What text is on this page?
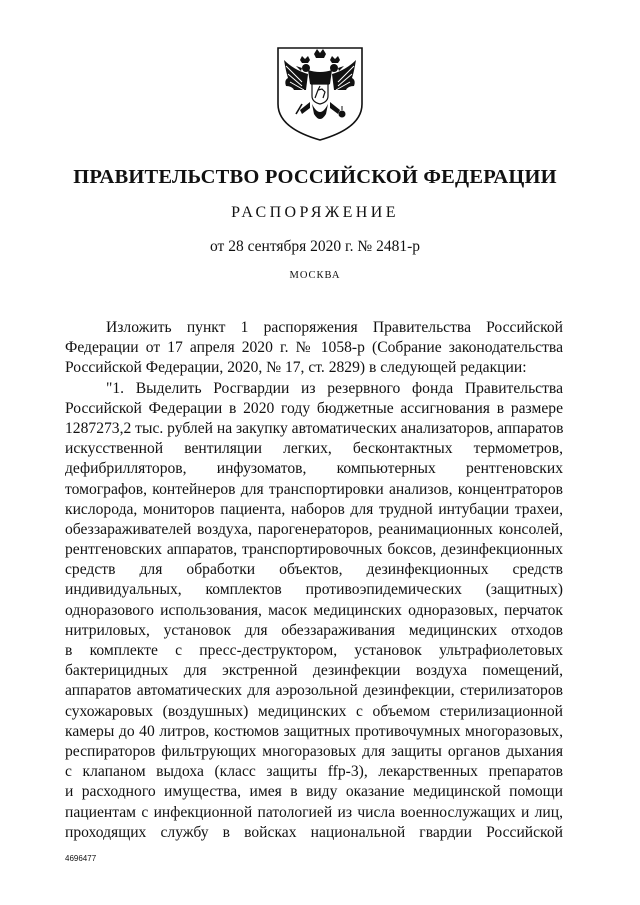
ПРАВИТЕЛЬСТВО РОССИЙСКОЙ ФЕДЕРАЦИИ
РАСПОРЯЖЕНИЕ
от 28 сентября 2020 г. № 2481-р
МОСКВА
Изложить пункт 1 распоряжения Правительства Российской
Федерации от 17 апреля 2020 г. № 1058-р (Собрание законодательства
Российской Федерации, 2020, № 17, ст. 2829) в следующей редакции:
"1. Выделить Росгвардии из резервного фонда Правительства
Российской Федерации в 2020 году бюджетные ассигнования в размере
1287273,2 тыс. рублей на закупку автоматических анализаторов, аппаратов
искусственной вентиляции легких, бесконтактных термометров,
дефибрилляторов, инфузоматов, компьютерных рентгеновских
томографов, контейнеров для транспортировки анализов, концентраторов
кислорода, мониторов пациента, наборов для трудной интубации трахеи,
обеззараживателей воздуха, парогенераторов, реанимационных консолей,
рентгеновских аппаратов, транспортировочных боксов, дезинфекционных
средств для обработки объектов, дезинфекционных средств
индивидуальных, комплектов противоэпидемических (защитных)
одноразового использования, масок медицинских одноразовых, перчаток
нитриловых, установок для обеззараживания медицинских отходов
в комплекте с пресс-деструктором, установок ультрафиолетовых
бактерицидных для экстренной дезинфекции воздуха помещений,
аппаратов автоматических для аэрозольной дезинфекции, стерилизаторов
сухожаровых (воздушных) медицинских с объемом стерилизационной
камеры до 40 литров, костюмов защитных противочумных многоразовых,
респираторов фильтрующих многоразовых для защиты органов дыхания
с клапаном выдоха (класс защиты ffp-3), лекарственных препаратов
и расходного имущества, имея в виду оказание медицинской помощи
пациентам с инфекционной патологией из числа военнослужащих и лиц,
проходящих службу в войсках национальной гвардии Российской
4696477
